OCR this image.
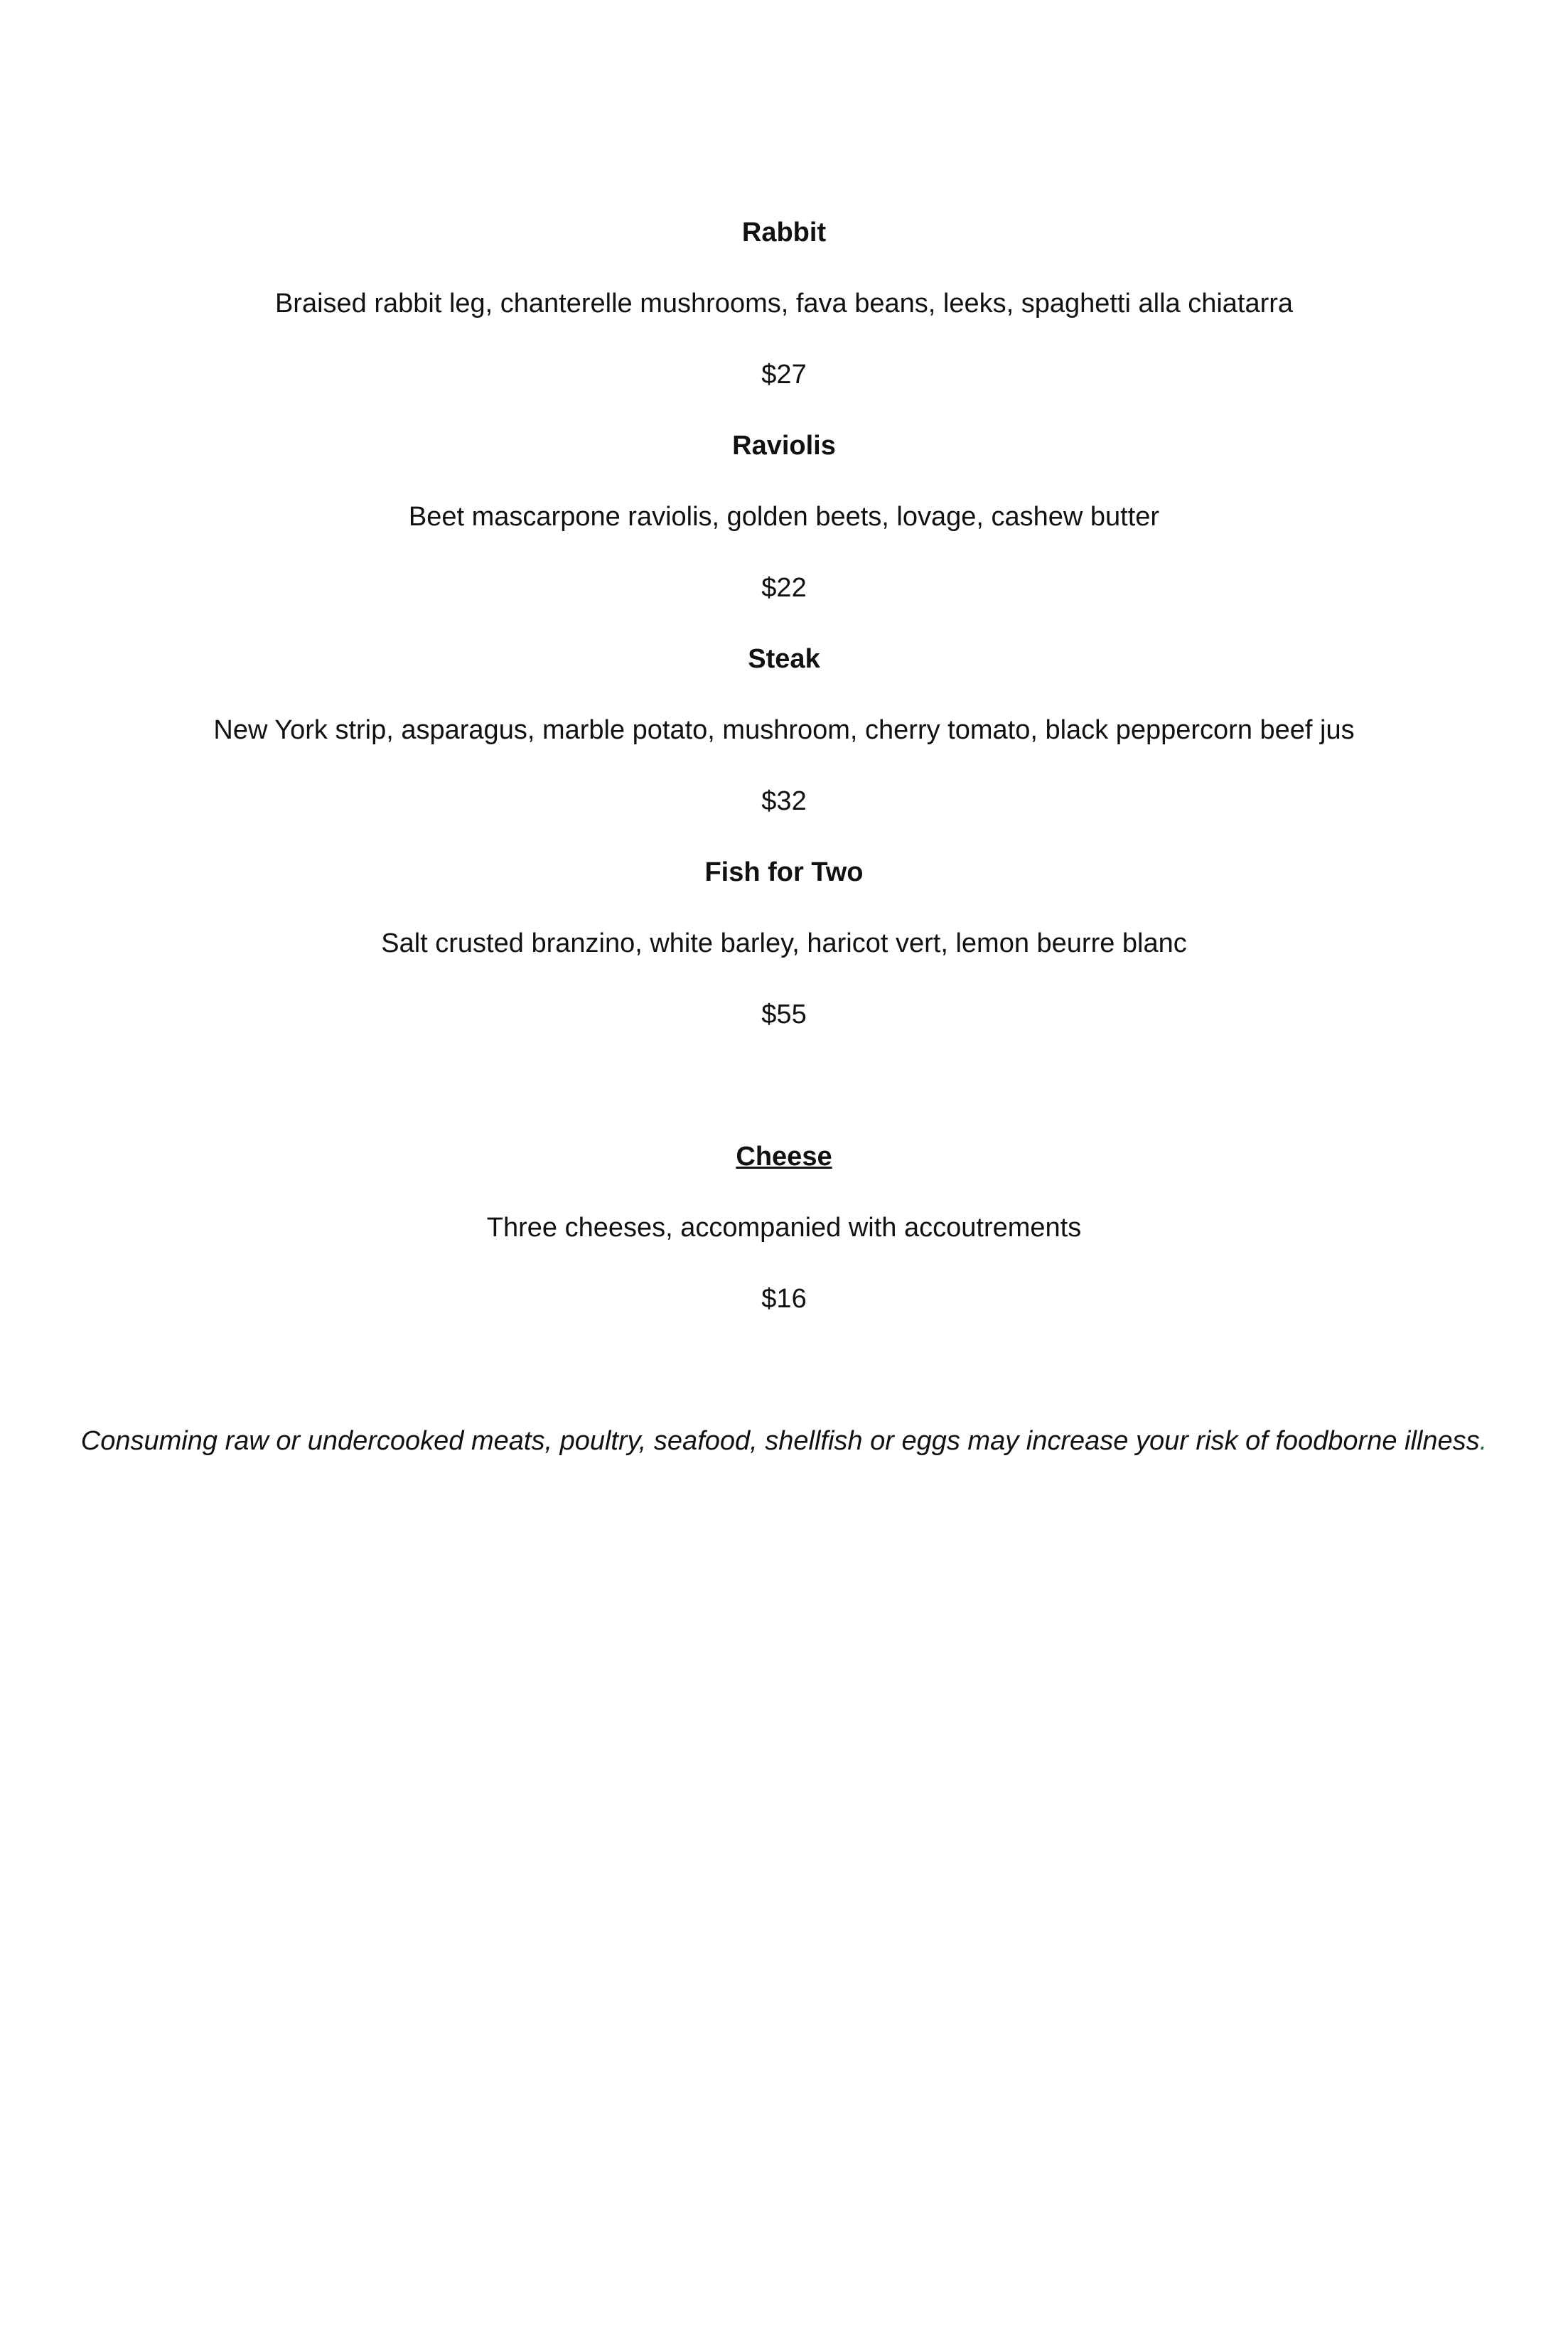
Rabbit
Braised rabbit leg, chanterelle mushrooms, fava beans, leeks, spaghetti alla chiatarra
$27
Raviolis
Beet mascarpone raviolis, golden beets, lovage, cashew butter
$22
Steak
New York strip, asparagus, marble potato, mushroom, cherry tomato, black peppercorn beef jus
$32
Fish for Two
Salt crusted branzino, white barley, haricot vert, lemon beurre blanc
$55
Cheese
Three cheeses, accompanied with accoutrements
$16
Consuming raw or undercooked meats, poultry, seafood, shellfish or eggs may increase your risk of foodborne illness.
